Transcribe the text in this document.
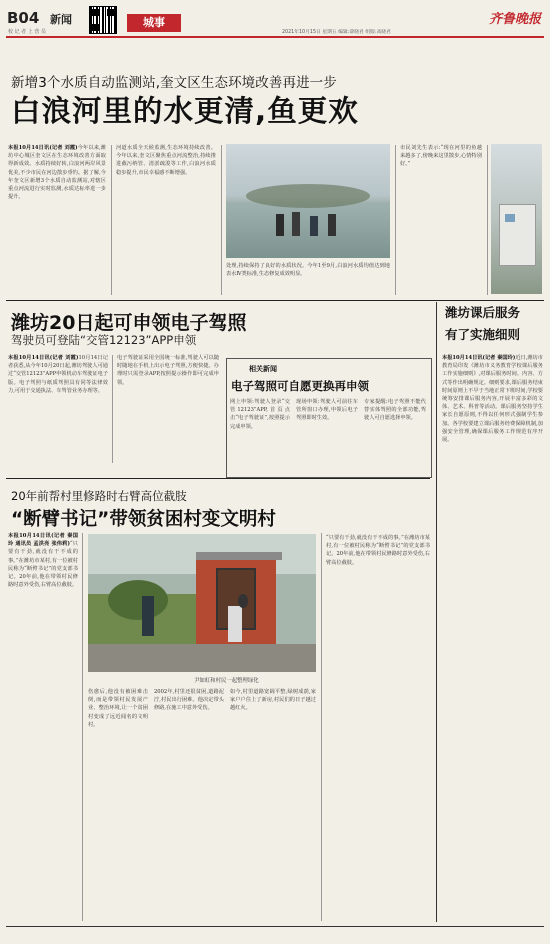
B04 新闻
校 记 者 上 营 员
城事
2021年10月15日 星期五 编辑:薛晓君 组版:高晓君
齐鲁晚报
新增3个水质自动监测站,奎文区生态环境改善再进一步
白浪河里的水更清,鱼更欢
本报10月14日讯(记者 刘霞)今年以来,潍坊中心城区奎文区在生态环境改善方面取得新成效。水质持续好转,白浪河两岸风景优美,不少市民在河边散步垂钓。据了解,今年奎文区新增3个水质自动监测站,对辖区重点河流进行实时监测,水质达标率进一步提升。
河道水质全天候监测,生态环境持续改善。今年以来,奎文区聚焦重点河流整治,持续推进截污纳管、清淤疏浚等工作,白浪河水质稳步提升,市民幸福感不断增强。
处理,持续保持了良好的水质状况。今年1至9月,白浪河水质均值达到地表水Ⅳ类标准,生态修复成效明显。
市民刘先生表示:“现在河里的鱼越来越多了,傍晚来这里散步,心情特别好。”
潍坊20日起可申领电子驾照
驾驶员可登陆“交管12123”APP申领
本报10月14日讯(记者 刘霞)10月14日记者获悉,从今年10月20日起,潍坊驾驶人可通过“交管12123”APP申领机动车驾驶证电子版。电子驾照与纸质驾照具有同等法律效力,可用于交通执法、车驾管业务办理等。
电子驾驶证采用全国统一标准,驾驶人可以随时随地在手机上出示电子驾照,方便快捷。办理时只需登录APP,按照提示操作即可完成申领。
相关新闻
电子驾照可自愿更换再申领
网上申领:驾驶人登录“交管12123”APP,首页点击“电子驾驶证”,按照提示完成申领。
现场申领:驾驶人可前往车管所窗口办理,申领后电子驾照即时生效。
专家提醒:电子驾照不能代替实体驾照的全部功能,驾驶人可自愿选择申领。
潍坊课后服务
有了实施细则
本报10月14日讯(记者 秦国玲)近日,潍坊市教育局印发《潍坊市义务教育学校课后服务工作实施细则》,对课后服务时间、内容、方式等作出明确规定。细则要求,课后服务结束时间原则上不早于当地正常下班时间,学校要统筹安排课后服务内容,开展丰富多彩的文体、艺术、科普等活动。课后服务坚持学生家长自愿原则,不得以任何形式强制学生参加。各学校要建立课后服务经费保障机制,加强安全管理,确保课后服务工作规范有序开展。
20年前帮村里修路时右臂高位截肢
“断臂书记”带领贫困村变文明村
本报10月14日讯(记者 秦国玲 通讯员 孟洪亮 张伟莉)“只要有干劲,就没有干不成的事。”在潍坊市某村,有一位被村民称为“断臂书记”的党支部书记。20年前,他在带领村民修路时意外受伤,右臂高位截肢。
尹如虹和村民一起整理绿化
伤愈后,他没有被困难击倒,而是带领村民发展产业、整治环境,让一个贫困村变成了远近闻名的文明村。
2002年,村里还很贫困,道路泥泞,村民出行困难。他决定带头修路,在施工中意外受伤。
如今,村里道路宽阔平整,绿树成荫,家家户户住上了新房,村民们的日子越过越红火。
“只要有干劲,就没有干不成的事。”在潍坊市某村,有一位被村民称为“断臂书记”的党支部书记。20年前,他在带领村民修路时意外受伤,右臂高位截肢。
